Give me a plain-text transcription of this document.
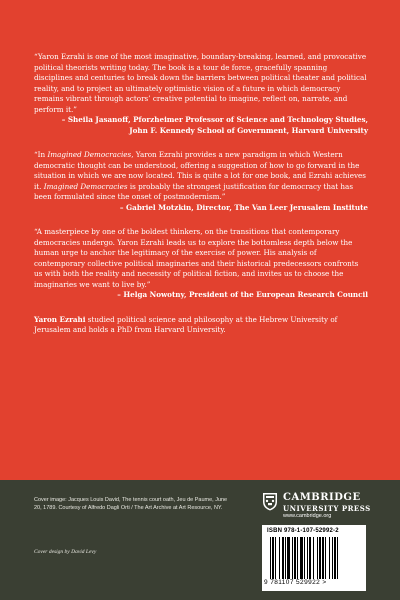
“Yaron Ezrahi is one of the most imaginative, boundary-breaking, learned, and provocative political theorists writing today. The book is a tour de force, gracefully spanning disciplines and centuries to break down the barriers between political theater and political reality, and to project an ultimately optimistic vision of a future in which democracy remains vibrant through actors’ creative potential to imagine, reflect on, narrate, and perform it.”

– Sheila Jasanoff, Pforzheimer Professor of Science and Technology Studies,

John F. Kennedy School of Government, Harvard University

“In Imagined Democracies, Yaron Ezrahi provides a new paradigm in which Western democratic thought can be understood, offering a suggestion of how to go forward in the situation in which we are now located. This is quite a lot for one book, and Ezrahi achieves it. Imagined Democracies is probably the strongest justification for democracy that has been formulated since the onset of postmodernism.”

– Gabriel Motzkin, Director, The Van Leer Jerusalem Institute

“A masterpiece by one of the boldest thinkers, on the transitions that contemporary democracies undergo. Yaron Ezrahi leads us to explore the bottomless depth below the human urge to anchor the legitimacy of the exercise of power. His analysis of contemporary collective political imaginaries and their historical predecessors confronts us with both the reality and necessity of political fiction, and invites us to choose the imaginaries we want to live by.”

– Helga Nowotny, President of the European Research Council

Yaron Ezrahi studied political science and philosophy at the Hebrew University of Jerusalem and holds a PhD from Harvard University.

Cover image: Jacques Louis David, The tennis court oath, Jeu de Paume, June 20, 1789. Courtesy of Alfredo Dagli Orti / The Art Archive at Art Resource, NY.
Cover design by David Levy
CAMBRIDGE
UNIVERSITY PRESS
www.cambridge.org
ISBN 978-1-107-52992-2
9 781107 529922 >
